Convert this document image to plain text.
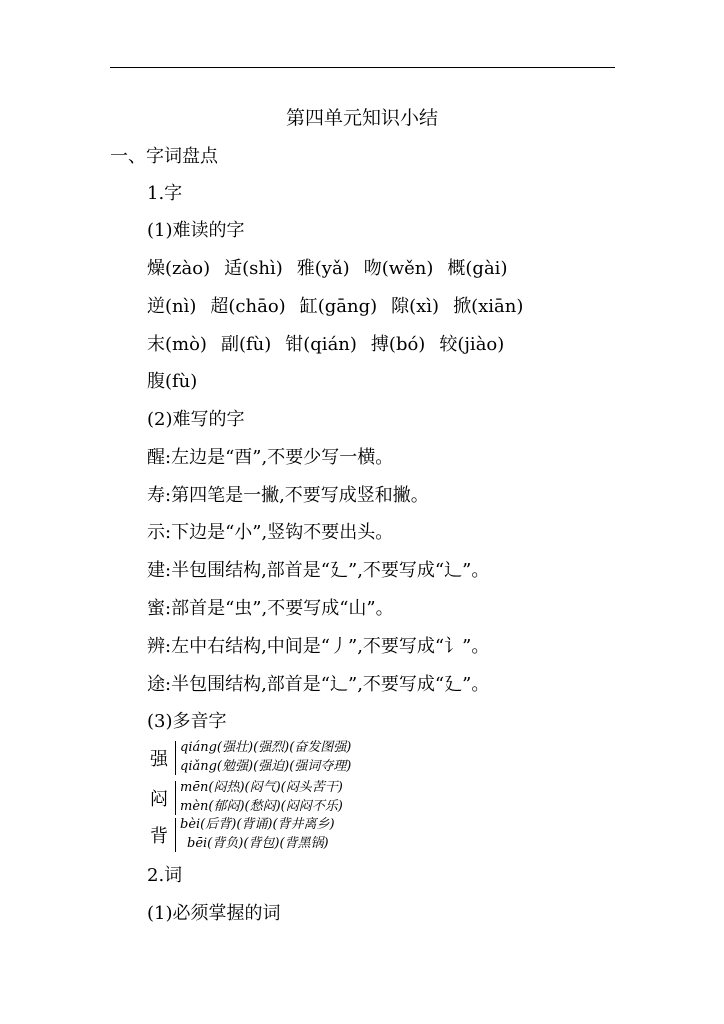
第四单元知识小结
一、字词盘点
1.字
(1)难读的字
燥(zào) 适(shì) 雅(yǎ) 吻(wěn) 概(gài)
逆(nì) 超(chāo) 缸(gāng) 隙(xì) 掀(xiān)
末(mò) 副(fù) 钳(qián) 搏(bó) 较(jiào)
腹(fù)
(2)难写的字
醒:左边是“酉”,不要少写一横。
寿:第四笔是一撇,不要写成竖和撇。
示:下边是“小”,竖钩不要出头。
建:半包围结构,部首是“廴”,不要写成“辶”。
蜜:部首是“虫”,不要写成“山”。
辨:左中右结构,中间是“丿”,不要写成“讠”。
途:半包围结构,部首是“辶”,不要写成“廴”。
(3)多音字
强
qiáng(强壮)(强烈)(奋发图强)
qiǎng(勉强)(强迫)(强词夺理)
闷
mēn(闷热)(闷气)(闷头苦干)
mèn(郁闷)(愁闷)(闷闷不乐)
背
bèi(后背)(背诵)(背井离乡)
bēi(背负)(背包)(背黑锅)
2.词
(1)必须掌握的词
